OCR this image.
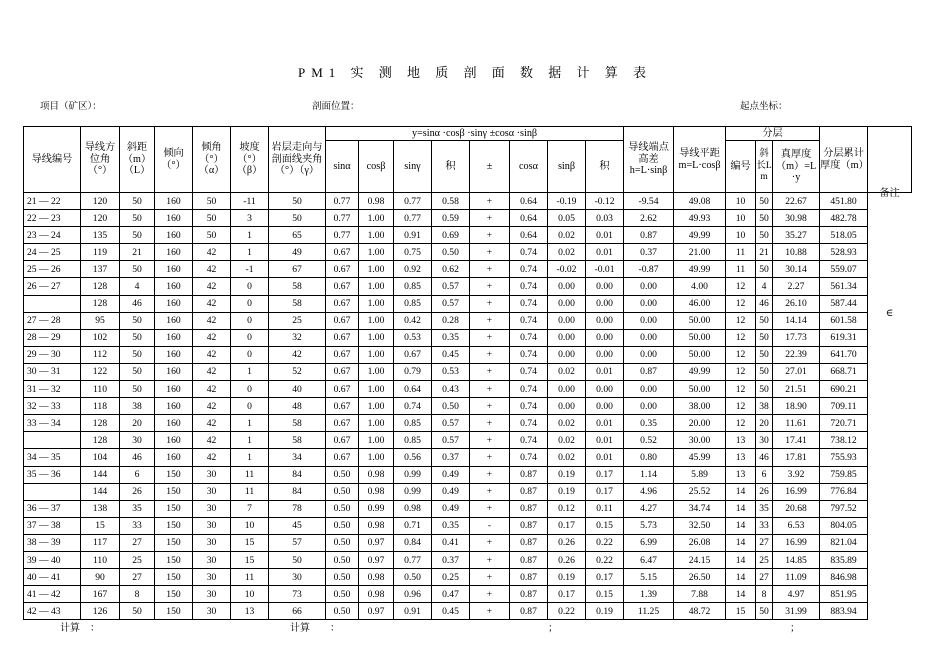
PM1 实 测 地 质 剖 面 数 据 计 算 表
项目（矿区）：	剖面位置：	起点坐标：
导线编号	导线方位角（°）	斜距（m）（L）	倾向（°）	倾角（°）（α）	坡度（°）（β）	岩层走向与剖面线夹角（°）（γ）	y=sinα ·cosβ ·sinγ ±cosα ·sinβ								导线端点高差h=L·sinβ	导线平距m=L·cosβ	分层			分层累计厚度（m）	备注
∈

							sinα	cosβ	sinγ	积	±	cosα	sinβ	积			编号	斜长L m	真厚度（m）=L ·y		

21 — 22	120	50	160	50	-11	50	0.77	0.98	0.77	0.58	+	0.64	-0.19	-0.12	-9.54	49.08	10	50	22.67	451.80	
22 — 23	120	50	160	50	3	50	0.77	1.00	0.77	0.59	+	0.64	0.05	0.03	2.62	49.93	10	50	30.98	482.78	
23 — 24	135	50	160	50	1	65	0.77	1.00	0.91	0.69	+	0.64	0.02	0.01	0.87	49.99	10	50	35.27	518.05	
24 — 25	119	21	160	42	1	49	0.67	1.00	0.75	0.50	+	0.74	0.02	0.01	0.37	21.00	11	21	10.88	528.93	
25 — 26	137	50	160	42	-1	67	0.67	1.00	0.92	0.62	+	0.74	-0.02	-0.01	-0.87	49.99	11	50	30.14	559.07	
26 — 27	128	4	160	42	0	58	0.67	1.00	0.85	0.57	+	0.74	0.00	0.00	0.00	4.00	12	4	2.27	561.34	
	128	46	160	42	0	58	0.67	1.00	0.85	0.57	+	0.74	0.00	0.00	0.00	46.00	12	46	26.10	587.44	
27 — 28	95	50	160	42	0	25	0.67	1.00	0.42	0.28	+	0.74	0.00	0.00	0.00	50.00	12	50	14.14	601.58	
28 — 29	102	50	160	42	0	32	0.67	1.00	0.53	0.35	+	0.74	0.00	0.00	0.00	50.00	12	50	17.73	619.31	
29 — 30	112	50	160	42	0	42	0.67	1.00	0.67	0.45	+	0.74	0.00	0.00	0.00	50.00	12	50	22.39	641.70	
30 — 31	122	50	160	42	1	52	0.67	1.00	0.79	0.53	+	0.74	0.02	0.01	0.87	49.99	12	50	27.01	668.71	
31 — 32	110	50	160	42	0	40	0.67	1.00	0.64	0.43	+	0.74	0.00	0.00	0.00	50.00	12	50	21.51	690.21	
32 — 33	118	38	160	42	0	48	0.67	1.00	0.74	0.50	+	0.74	0.00	0.00	0.00	38.00	12	38	18.90	709.11	
33 — 34	128	20	160	42	1	58	0.67	1.00	0.85	0.57	+	0.74	0.02	0.01	0.35	20.00	12	20	11.61	720.71	
	128	30	160	42	1	58	0.67	1.00	0.85	0.57	+	0.74	0.02	0.01	0.52	30.00	13	30	17.41	738.12	
34 — 35	104	46	160	42	1	34	0.67	1.00	0.56	0.37	+	0.74	0.02	0.01	0.80	45.99	13	46	17.81	755.93	
35 — 36	144	6	150	30	11	84	0.50	0.98	0.99	0.49	+	0.87	0.19	0.17	1.14	5.89	13	6	3.92	759.85	
	144	26	150	30	11	84	0.50	0.98	0.99	0.49	+	0.87	0.19	0.17	4.96	25.52	14	26	16.99	776.84	
36 — 37	138	35	150	30	7	78	0.50	0.99	0.98	0.49	+	0.87	0.12	0.11	4.27	34.74	14	35	20.68	797.52	
37 — 38	15	33	150	30	10	45	0.50	0.98	0.71	0.35	-	0.87	0.17	0.15	5.73	32.50	14	33	6.53	804.05	
38 — 39	117	27	150	30	15	57	0.50	0.97	0.84	0.41	+	0.87	0.26	0.22	6.99	26.08	14	27	16.99	821.04	
39 — 40	110	25	150	30	15	50	0.50	0.97	0.77	0.37	+	0.87	0.26	0.22	6.47	24.15	14	25	14.85	835.89	
40 — 41	90	27	150	30	11	30	0.50	0.98	0.50	0.25	+	0.87	0.19	0.17	5.15	26.50	14	27	11.09	846.98	
41 — 42	167	8	150	30	10	73	0.50	0.98	0.96	0.47	+	0.87	0.17	0.15	1.39	7.88	14	8	4.97	851.95	
42 — 43	126	50	150	30	13	66	0.50	0.97	0.91	0.45	+	0.87	0.22	0.19	11.25	48.72	15	50	31.99	883.94	
计算　：	计算　　：	；	；
